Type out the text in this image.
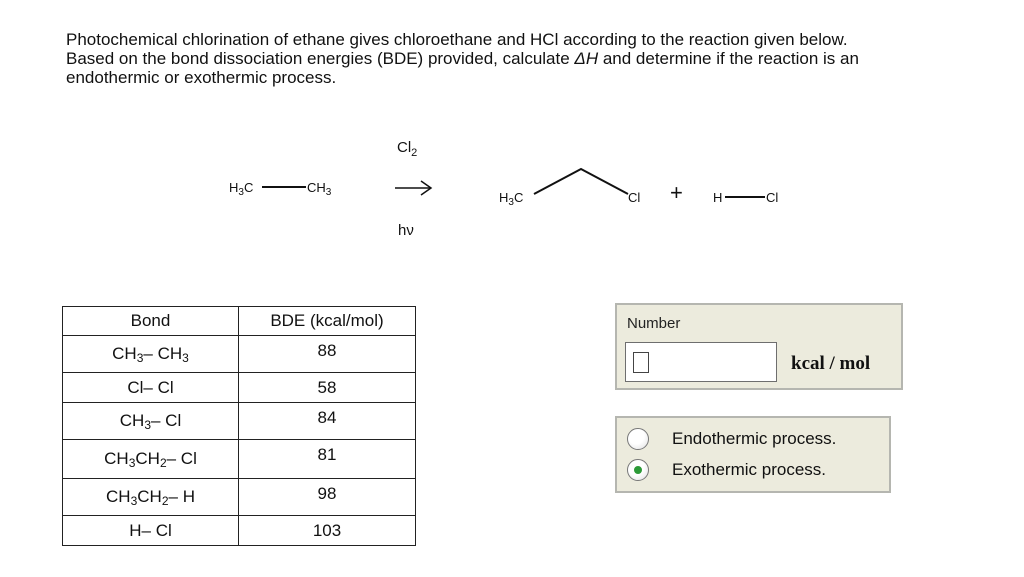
Photochemical chlorination of ethane gives chloroethane and HCl according to the reaction given below.
Based on the bond dissociation energies (BDE) provided, calculate ΔH and determine if the reaction is an
endothermic or exothermic process.

$H_3C$	$CH_3$
$Cl_2$
hν
$H_3C$	Cl + H	Cl
Bond	BDE (kcal/mol)
$CH_3-$ $CH_3$	88
Cl– Cl	58
$CH_3-$ Cl	84
$CH_3CH_2-$ Cl	81
$CH_3CH_2-$ H	98
H– Cl	103
Number
kcal / mol
Endothermic process.
Exothermic process.
